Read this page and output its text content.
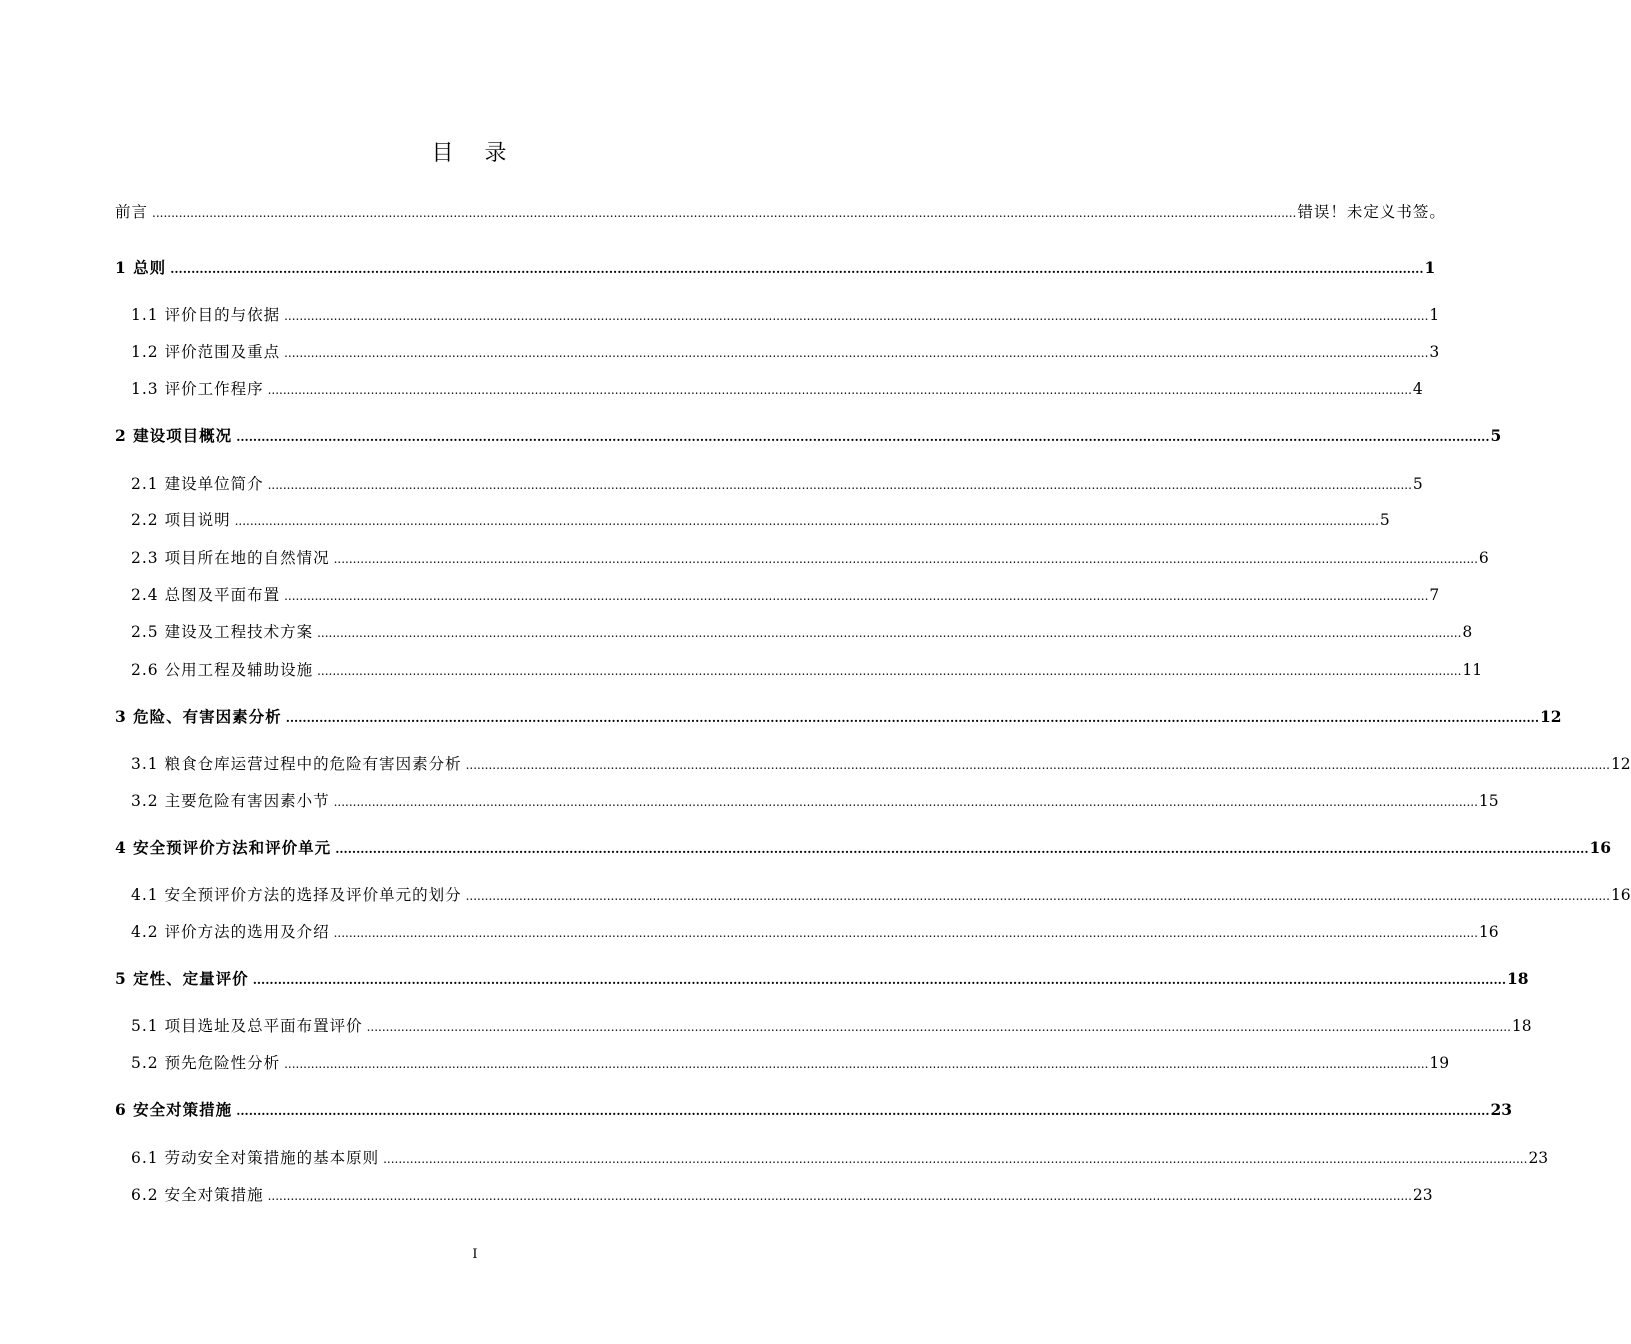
目 录
前言 ............................................................................................................................................................................................................................................................................................................ 错误！未定义书签。
1 总则 ............................................................................................................................................................................................................................................................................................................ 1
1.1 评价目的与依据 ............................................................................................................................................................................................................................................................................................................ 1
1.2 评价范围及重点 ............................................................................................................................................................................................................................................................................................................ 3
1.3 评价工作程序 ............................................................................................................................................................................................................................................................................................................ 4
2 建设项目概况 ............................................................................................................................................................................................................................................................................................................ 5
2.1 建设单位简介 ............................................................................................................................................................................................................................................................................................................ 5
2.2 项目说明 ............................................................................................................................................................................................................................................................................................................ 5
2.3 项目所在地的自然情况 ............................................................................................................................................................................................................................................................................................................ 6
2.4 总图及平面布置 ............................................................................................................................................................................................................................................................................................................ 7
2.5 建设及工程技术方案 ............................................................................................................................................................................................................................................................................................................ 8
2.6 公用工程及辅助设施 ............................................................................................................................................................................................................................................................................................................ 11
3 危险、有害因素分析 ............................................................................................................................................................................................................................................................................................................ 12
3.1 粮食仓库运营过程中的危险有害因素分析 ............................................................................................................................................................................................................................................................................................................ 12
3.2 主要危险有害因素小节 ............................................................................................................................................................................................................................................................................................................ 15
4 安全预评价方法和评价单元 ............................................................................................................................................................................................................................................................................................................ 16
4.1 安全预评价方法的选择及评价单元的划分 ............................................................................................................................................................................................................................................................................................................ 16
4.2 评价方法的选用及介绍 ............................................................................................................................................................................................................................................................................................................ 16
5 定性、定量评价 ............................................................................................................................................................................................................................................................................................................ 18
5.1 项目选址及总平面布置评价 ............................................................................................................................................................................................................................................................................................................ 18
5.2 预先危险性分析 ............................................................................................................................................................................................................................................................................................................ 19
6 安全对策措施 ............................................................................................................................................................................................................................................................................................................ 23
6.1 劳动安全对策措施的基本原则 ............................................................................................................................................................................................................................................................................................................ 23
6.2 安全对策措施 ............................................................................................................................................................................................................................................................................................................ 23
I
